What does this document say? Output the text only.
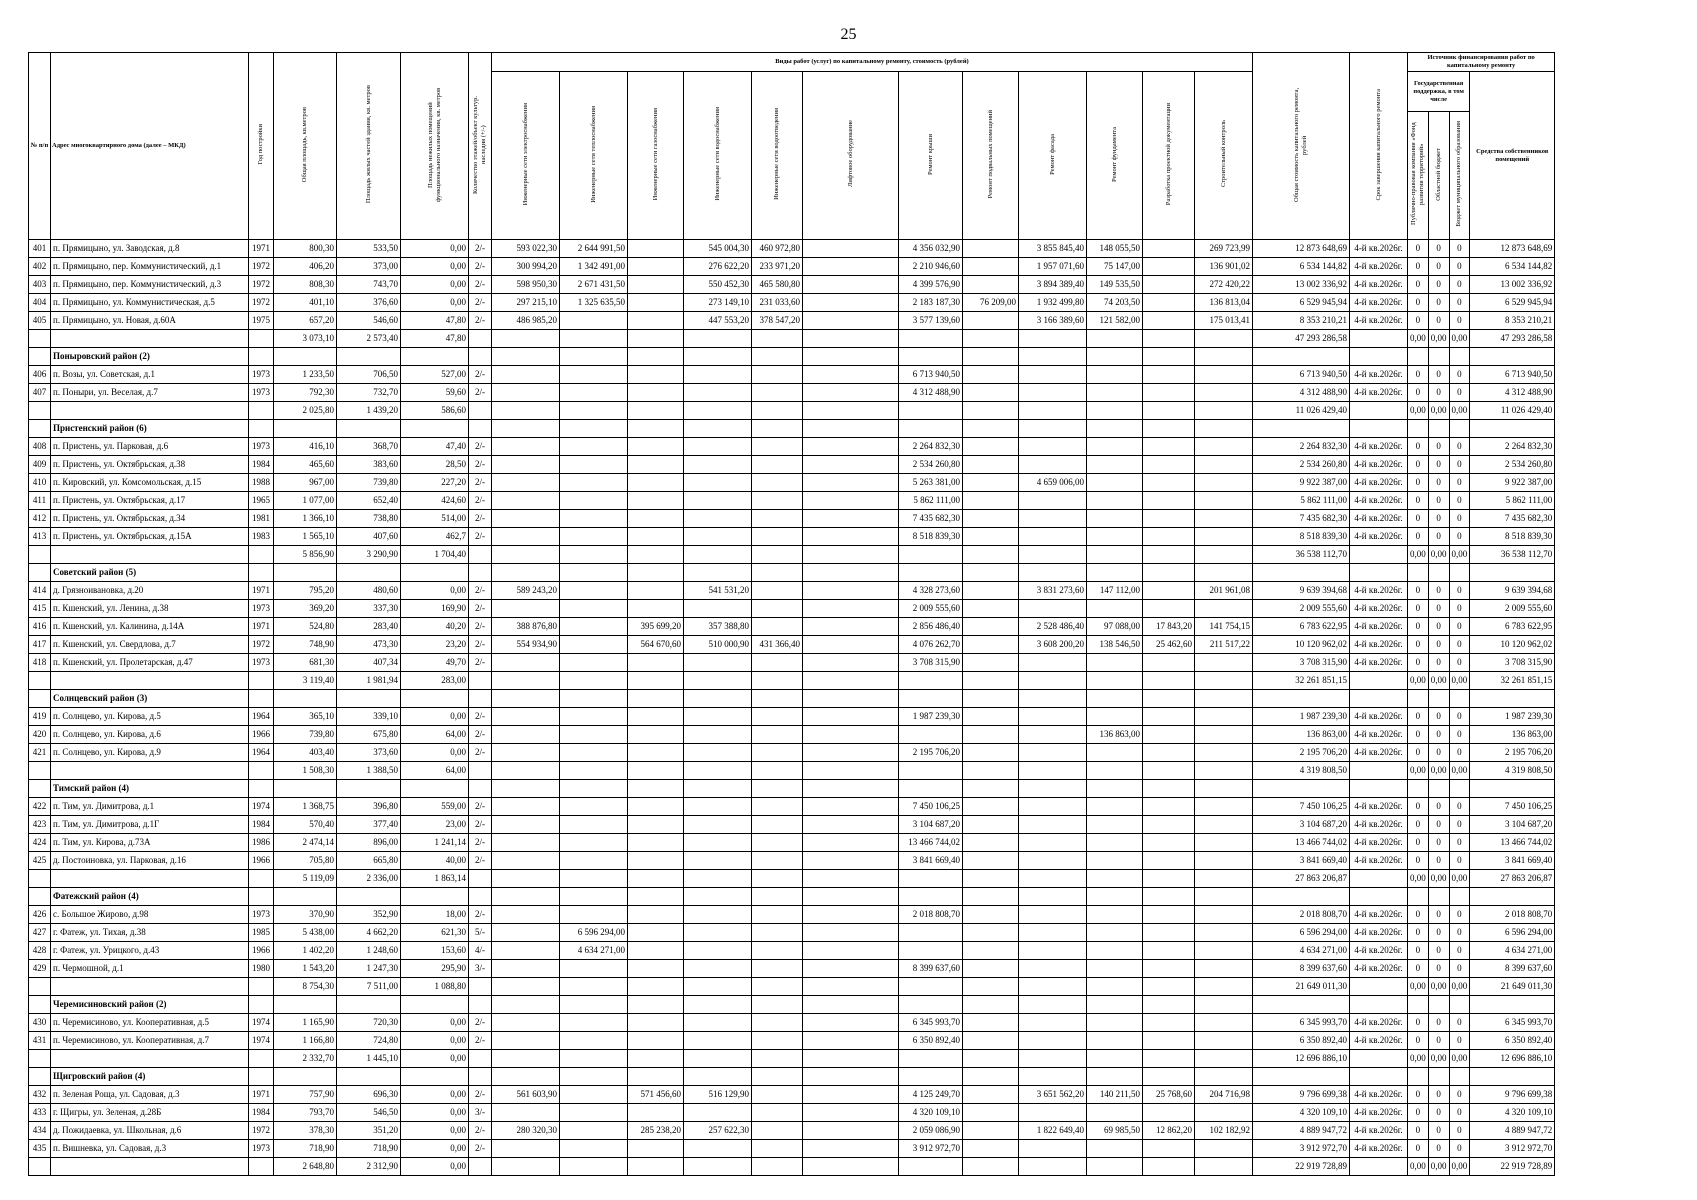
25
№ п/п	Адрес многоквартирного дома (далее – МКД)	Год постройки	Общая площадь, кв.метров	Площадь жилых частей здания, кв. метров	Площадь нежилых помещений функционального назначения, кв. метров	Количество этажей/объект культур. наследия (+/-)	Виды работ (услуг) по капитальному ремонту, стоимость (рублей)												Общая стоимость капитального ремонта, рублей	Срок завершения капитального ремонта	Источник финансирования работ по капитальному ремонту			
							Инженерные сети электроснабжения	Инженерные сети теплоснабжения	Инженерные сети газоснабжения	Инженерные сети водоснабжения	Инженерные сети водоотведения	Лифтовое оборудование	Ремонт крыши	Ремонт подвальных помещений	Ремонт фасада	Ремонт фундамента	Разработка проектной документации	Строительный контроль			Государственная поддержка, в том числе			Средства собственников помещений
																					Публично-правовая компания «Фонд развития территорий»	Областной бюджет	Бюджет муниципального образования	
401	п. Прямицыно, ул. Заводская, д.8	1971	800,30	533,50	0,00	2/-	593 022,30	2 644 991,50		545 004,30	460 972,80		4 356 032,90		3 855 845,40	148 055,50		269 723,99	12 873 648,69	4-й кв.2026г.	0	0	0	12 873 648,69
402	п. Прямицыно, пер. Коммунистический, д.1	1972	406,20	373,00	0,00	2/-	300 994,20	1 342 491,00		276 622,20	233 971,20		2 210 946,60		1 957 071,60	75 147,00		136 901,02	6 534 144,82	4-й кв.2026г.	0	0	0	6 534 144,82
403	п. Прямицыно, пер. Коммунистический, д.3	1972	808,30	743,70	0,00	2/-	598 950,30	2 671 431,50		550 452,30	465 580,80		4 399 576,90		3 894 389,40	149 535,50		272 420,22	13 002 336,92	4-й кв.2026г.	0	0	0	13 002 336,92
404	п. Прямицыно, ул. Коммунистическая, д.5	1972	401,10	376,60	0,00	2/-	297 215,10	1 325 635,50		273 149,10	231 033,60		2 183 187,30	76 209,00	1 932 499,80	74 203,50		136 813,04	6 529 945,94	4-й кв.2026г.	0	0	0	6 529 945,94
405	п. Прямицыно, ул. Новая, д.60А	1975	657,20	546,60	47,80	2/-	486 985,20			447 553,20	378 547,20		3 577 139,60		3 166 389,60	121 582,00		175 013,41	8 353 210,21	4-й кв.2026г.	0	0	0	8 353 210,21
			3 073,10	2 573,40	47,80														47 293 286,58		0,00	0,00	0,00	47 293 286,58
	Поныровский район (2)																							
406	п. Возы, ул. Советская, д.1	1973	1 233,50	706,50	527,00	2/-							6 713 940,50						6 713 940,50	4-й кв.2026г.	0	0	0	6 713 940,50
407	п. Поныри, ул. Веселая, д.7	1973	792,30	732,70	59,60	2/-							4 312 488,90						4 312 488,90	4-й кв.2026г.	0	0	0	4 312 488,90
			2 025,80	1 439,20	586,60														11 026 429,40		0,00	0,00	0,00	11 026 429,40
	Пристенский район (6)																							
408	п. Пристень, ул. Парковая, д.6	1973	416,10	368,70	47,40	2/-							2 264 832,30						2 264 832,30	4-й кв.2026г.	0	0	0	2 264 832,30
409	п. Пристень, ул. Октябрьская, д.38	1984	465,60	383,60	28,50	2/-							2 534 260,80						2 534 260,80	4-й кв.2026г.	0	0	0	2 534 260,80
410	п. Кировский, ул. Комсомольская, д.15	1988	967,00	739,80	227,20	2/-							5 263 381,00		4 659 006,00				9 922 387,00	4-й кв.2026г.	0	0	0	9 922 387,00
411	п. Пристень, ул. Октябрьская, д.17	1965	1 077,00	652,40	424,60	2/-							5 862 111,00						5 862 111,00	4-й кв.2026г.	0	0	0	5 862 111,00
412	п. Пристень, ул. Октябрьская, д.34	1981	1 366,10	738,80	514,00	2/-							7 435 682,30						7 435 682,30	4-й кв.2026г.	0	0	0	7 435 682,30
413	п. Пристень, ул. Октябрьская, д.15А	1983	1 565,10	407,60	462,7	2/-							8 518 839,30						8 518 839,30	4-й кв.2026г.	0	0	0	8 518 839,30
			5 856,90	3 290,90	1 704,40														36 538 112,70		0,00	0,00	0,00	36 538 112,70
	Советский район (5)																							
414	д. Грязноивановка, д.20	1971	795,20	480,60	0,00	2/-	589 243,20			541 531,20			4 328 273,60		3 831 273,60	147 112,00		201 961,08	9 639 394,68	4-й кв.2026г.	0	0	0	9 639 394,68
415	п. Кшенский, ул. Ленина, д.38	1973	369,20	337,30	169,90	2/-							2 009 555,60						2 009 555,60	4-й кв.2026г.	0	0	0	2 009 555,60
416	п. Кшенский, ул. Калинина, д.14А	1971	524,80	283,40	40,20	2/-	388 876,80		395 699,20	357 388,80			2 856 486,40		2 528 486,40	97 088,00	17 843,20	141 754,15	6 783 622,95	4-й кв.2026г.	0	0	0	6 783 622,95
417	п. Кшенский, ул. Свердлова, д.7	1972	748,90	473,30	23,20	2/-	554 934,90		564 670,60	510 000,90	431 366,40		4 076 262,70		3 608 200,20	138 546,50	25 462,60	211 517,22	10 120 962,02	4-й кв.2026г.	0	0	0	10 120 962,02
418	п. Кшенский, ул. Пролетарская, д.47	1973	681,30	407,34	49,70	2/-							3 708 315,90						3 708 315,90	4-й кв.2026г.	0	0	0	3 708 315,90
			3 119,40	1 981,94	283,00														32 261 851,15		0,00	0,00	0,00	32 261 851,15
	Солнцевский район (3)																							
419	п. Солнцево, ул. Кирова, д.5	1964	365,10	339,10	0,00	2/-							1 987 239,30						1 987 239,30	4-й кв.2026г.	0	0	0	1 987 239,30
420	п. Солнцево, ул. Кирова, д.6	1966	739,80	675,80	64,00	2/-										136 863,00			136 863,00	4-й кв.2026г.	0	0	0	136 863,00
421	п. Солнцево, ул. Кирова, д.9	1964	403,40	373,60	0,00	2/-							2 195 706,20						2 195 706,20	4-й кв.2026г.	0	0	0	2 195 706,20
			1 508,30	1 388,50	64,00														4 319 808,50		0,00	0,00	0,00	4 319 808,50
	Тимский район (4)																							
422	п. Тим, ул. Димитрова, д.1	1974	1 368,75	396,80	559,00	2/-							7 450 106,25						7 450 106,25	4-й кв.2026г.	0	0	0	7 450 106,25
423	п. Тим, ул. Димитрова, д.1Г	1984	570,40	377,40	23,00	2/-							3 104 687,20						3 104 687,20	4-й кв.2026г.	0	0	0	3 104 687,20
424	п. Тим, ул. Кирова, д.73А	1986	2 474,14	896,00	1 241,14	2/-							13 466 744,02						13 466 744,02	4-й кв.2026г.	0	0	0	13 466 744,02
425	д. Постоиновка, ул. Парковая, д.16	1966	705,80	665,80	40,00	2/-							3 841 669,40						3 841 669,40	4-й кв.2026г.	0	0	0	3 841 669,40
			5 119,09	2 336,00	1 863,14														27 863 206,87		0,00	0,00	0,00	27 863 206,87
	Фатежский район (4)																							
426	с. Большое Жирово, д.98	1973	370,90	352,90	18,00	2/-							2 018 808,70						2 018 808,70	4-й кв.2026г.	0	0	0	2 018 808,70
427	г. Фатеж, ул. Тихая, д.38	1985	5 438,00	4 662,20	621,30	5/-		6 596 294,00											6 596 294,00	4-й кв.2026г.	0	0	0	6 596 294,00
428	г. Фатеж, ул. Урицкого, д.43	1966	1 402,20	1 248,60	153,60	4/-		4 634 271,00											4 634 271,00	4-й кв.2026г.	0	0	0	4 634 271,00
429	п. Чермошной, д.1	1980	1 543,20	1 247,30	295,90	3/-							8 399 637,60						8 399 637,60	4-й кв.2026г.	0	0	0	8 399 637,60
			8 754,30	7 511,00	1 088,80														21 649 011,30		0,00	0,00	0,00	21 649 011,30
	Черемисиновский район (2)																							
430	п. Черемисиново, ул. Кооперативная, д.5	1974	1 165,90	720,30	0,00	2/-							6 345 993,70						6 345 993,70	4-й кв.2026г.	0	0	0	6 345 993,70
431	п. Черемисиново, ул. Кооперативная, д.7	1974	1 166,80	724,80	0,00	2/-							6 350 892,40						6 350 892,40	4-й кв.2026г.	0	0	0	6 350 892,40
			2 332,70	1 445,10	0,00														12 696 886,10		0,00	0,00	0,00	12 696 886,10
	Щигровский район (4)																							
432	п. Зеленая Роща, ул. Садовая, д.3	1971	757,90	696,30	0,00	2/-	561 603,90		571 456,60	516 129,90			4 125 249,70		3 651 562,20	140 211,50	25 768,60	204 716,98	9 796 699,38	4-й кв.2026г.	0	0	0	9 796 699,38
433	г. Щигры, ул. Зеленая, д.28Б	1984	793,70	546,50	0,00	3/-							4 320 109,10						4 320 109,10	4-й кв.2026г.	0	0	0	4 320 109,10
434	д. Пожидаевка, ул. Школьная, д.6	1972	378,30	351,20	0,00	2/-	280 320,30		285 238,20	257 622,30			2 059 086,90		1 822 649,40	69 985,50	12 862,20	102 182,92	4 889 947,72	4-й кв.2026г.	0	0	0	4 889 947,72
435	п. Вишневка, ул. Садовая, д.3	1973	718,90	718,90	0,00	2/-							3 912 972,70						3 912 972,70	4-й кв.2026г.	0	0	0	3 912 972,70
			2 648,80	2 312,90	0,00														22 919 728,89		0,00	0,00	0,00	22 919 728,89
